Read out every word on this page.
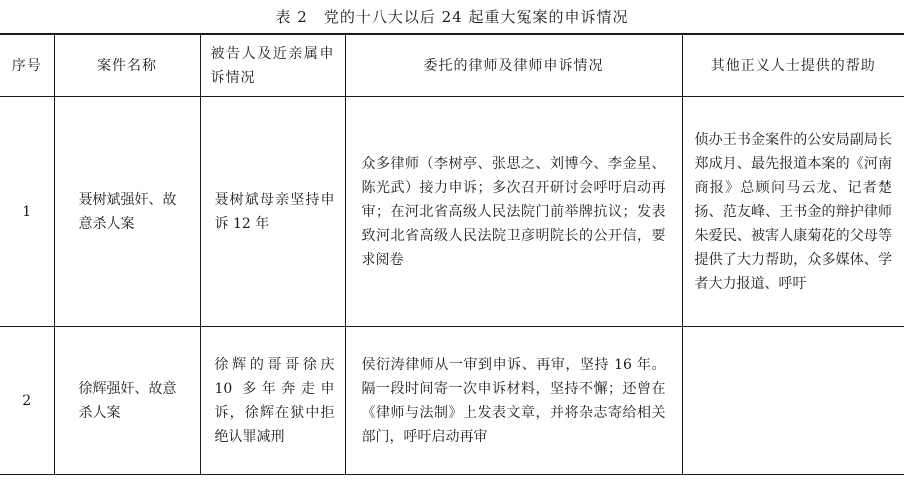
表 2　党的十八大以后 24 起重大冤案的申诉情况
序号	案件名称	被告人及近亲属申诉情况	委托的律师及律师申诉情况	其他正义人士提供的帮助
1	聂树斌强奸、故意杀人案	聂树斌母亲坚持申诉 12 年	众多律师（李树亭、张思之、刘博今、李金星、陈光武）接力申诉；多次召开研讨会呼吁启动再审；在河北省高级人民法院门前举牌抗议；发表致河北省高级人民法院卫彦明院长的公开信，要求阅卷	侦办王书金案件的公安局副局长郑成月、最先报道本案的《河南商报》总顾问马云龙、记者楚扬、范友峰、王书金的辩护律师朱爱民、被害人康菊花的父母等提供了大力帮助，众多媒体、学者大力报道、呼吁
2	徐辉强奸、故意杀人案	徐辉的哥哥徐庆 10 多年奔走申诉，徐辉在狱中拒绝认罪减刑	侯衍涛律师从一审到申诉、再审，坚持 16 年。隔一段时间寄一次申诉材料，坚持不懈；还曾在《律师与法制》上发表文章，并将杂志寄给相关部门，呼吁启动再审	
